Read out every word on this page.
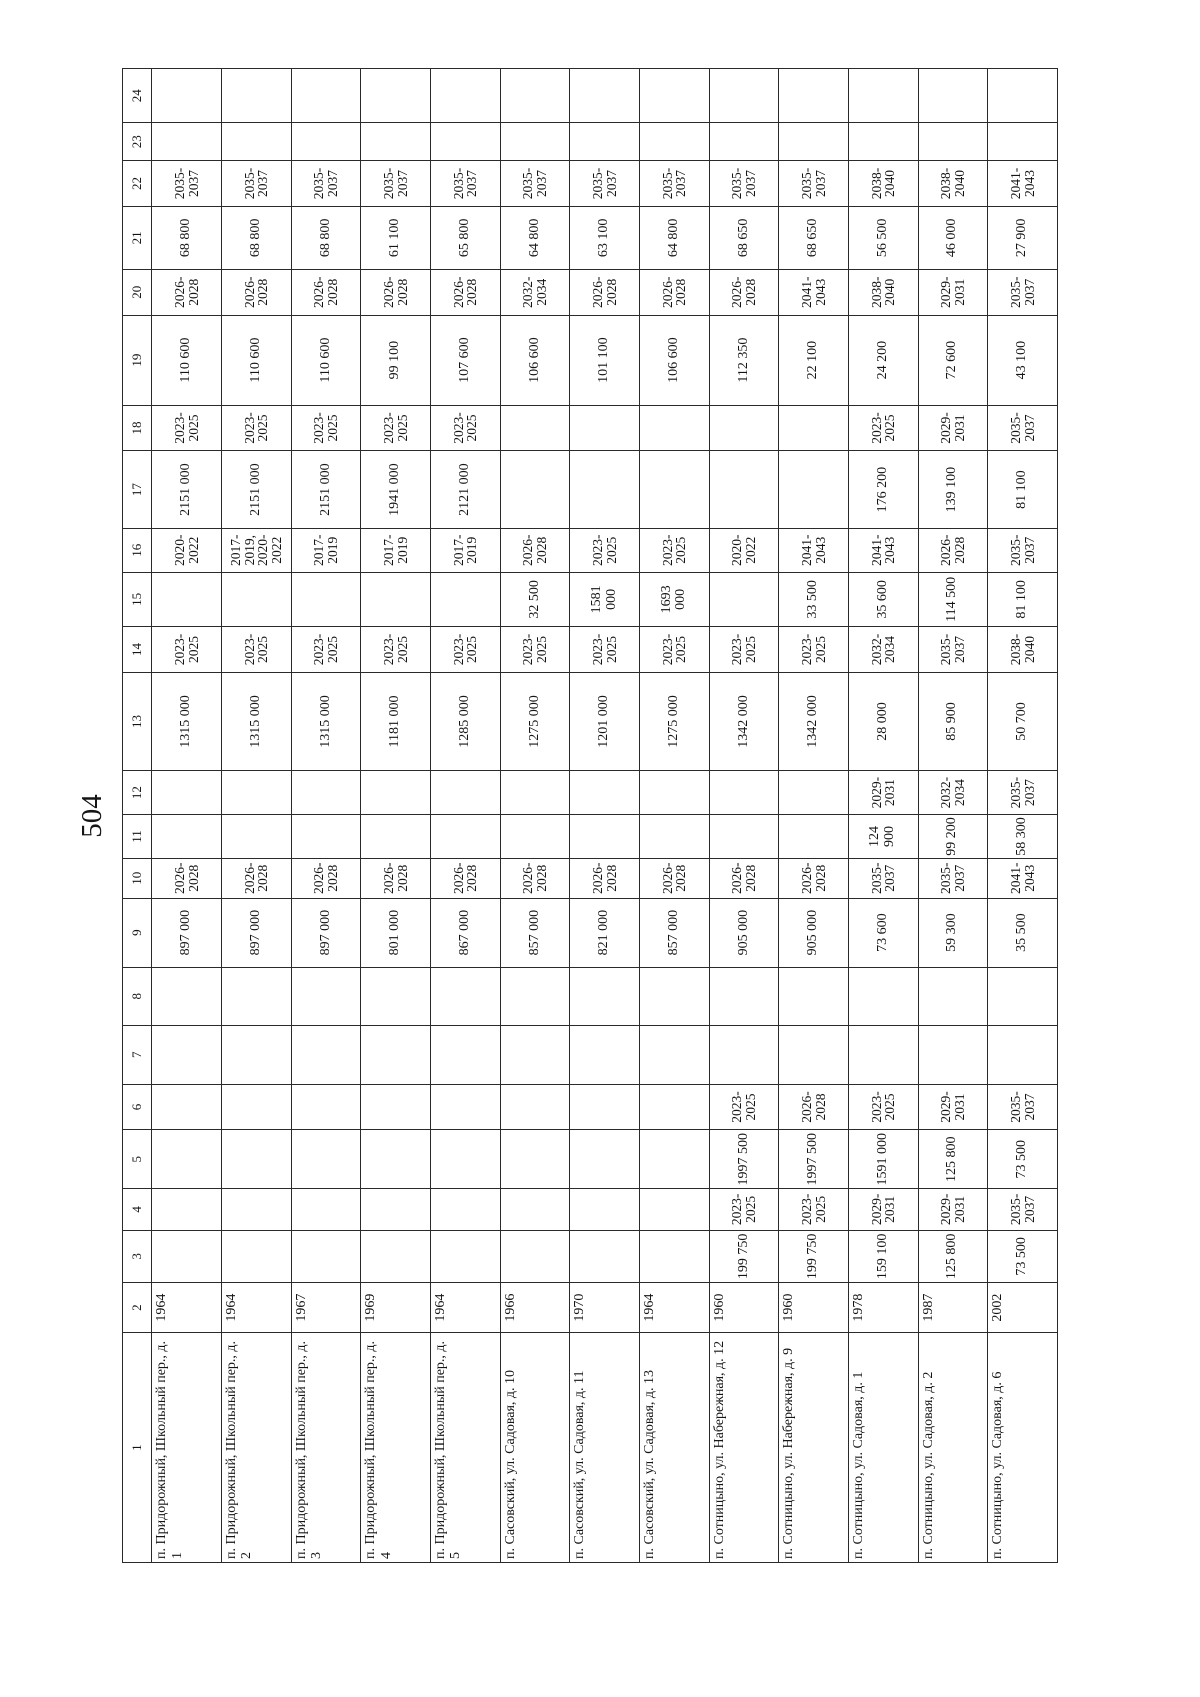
504
1	2	3	4	5	6	7	8	9	10	11	12	13	14	15	16	17	18	19	20	21	22	23	24
п. Придорожный, Школьный пер., д. 1	1964							897 000	2026-2028			1315 000	2023-2025		2020-2022	2151 000	2023-2025	110 600	2026-2028	68 800	2035-2037		
п. Придорожный, Школьный пер., д. 2	1964							897 000	2026-2028			1315 000	2023-2025		2017-2019, 2020-2022	2151 000	2023-2025	110 600	2026-2028	68 800	2035-2037		
п. Придорожный, Школьный пер., д. 3	1967							897 000	2026-2028			1315 000	2023-2025		2017-2019	2151 000	2023-2025	110 600	2026-2028	68 800	2035-2037		
п. Придорожный, Школьный пер., д. 4	1969							801 000	2026-2028			1181 000	2023-2025		2017-2019	1941 000	2023-2025	99 100	2026-2028	61 100	2035-2037		
п. Придорожный, Школьный пер., д. 5	1964							867 000	2026-2028			1285 000	2023-2025		2017-2019	2121 000	2023-2025	107 600	2026-2028	65 800	2035-2037		
п. Сасовский, ул. Садовая, д. 10	1966							857 000	2026-2028			1275 000	2023-2025	32 500	2026-2028			106 600	2032-2034	64 800	2035-2037		
п. Сасовский, ул. Садовая, д. 11	1970							821 000	2026-2028			1201 000	2023-2025	1581 000	2023-2025			101 100	2026-2028	63 100	2035-2037		
п. Сасовский, ул. Садовая, д. 13	1964							857 000	2026-2028			1275 000	2023-2025	1693 000	2023-2025			106 600	2026-2028	64 800	2035-2037		
п. Сотницыно, ул. Набережная, д. 12	1960	199 750	2023-2025	1997 500	2023-2025			905 000	2026-2028			1342 000	2023-2025		2020-2022			112 350	2026-2028	68 650	2035-2037		
п. Сотницыно, ул. Набережная, д. 9	1960	199 750	2023-2025	1997 500	2026-2028			905 000	2026-2028			1342 000	2023-2025	33 500	2041-2043			22 100	2041-2043	68 650	2035-2037		
п. Сотницыно, ул. Садовая, д. 1	1978	159 100	2029-2031	1591 000	2023-2025			73 600	2035-2037	124 900	2029-2031	28 000	2032-2034	35 600	2041-2043	176 200	2023-2025	24 200	2038-2040	56 500	2038-2040		
п. Сотницыно, ул. Садовая, д. 2	1987	125 800	2029-2031	125 800	2029-2031			59 300	2035-2037	99 200	2032-2034	85 900	2035-2037	114 500	2026-2028	139 100	2029-2031	72 600	2029-2031	46 000	2038-2040		
п. Сотницыно, ул. Садовая, д. 6	2002	73 500	2035-2037	73 500	2035-2037			35 500	2041-2043	58 300	2035-2037	50 700	2038-2040	81 100	2035-2037	81 100	2035-2037	43 100	2035-2037	27 900	2041-2043		
